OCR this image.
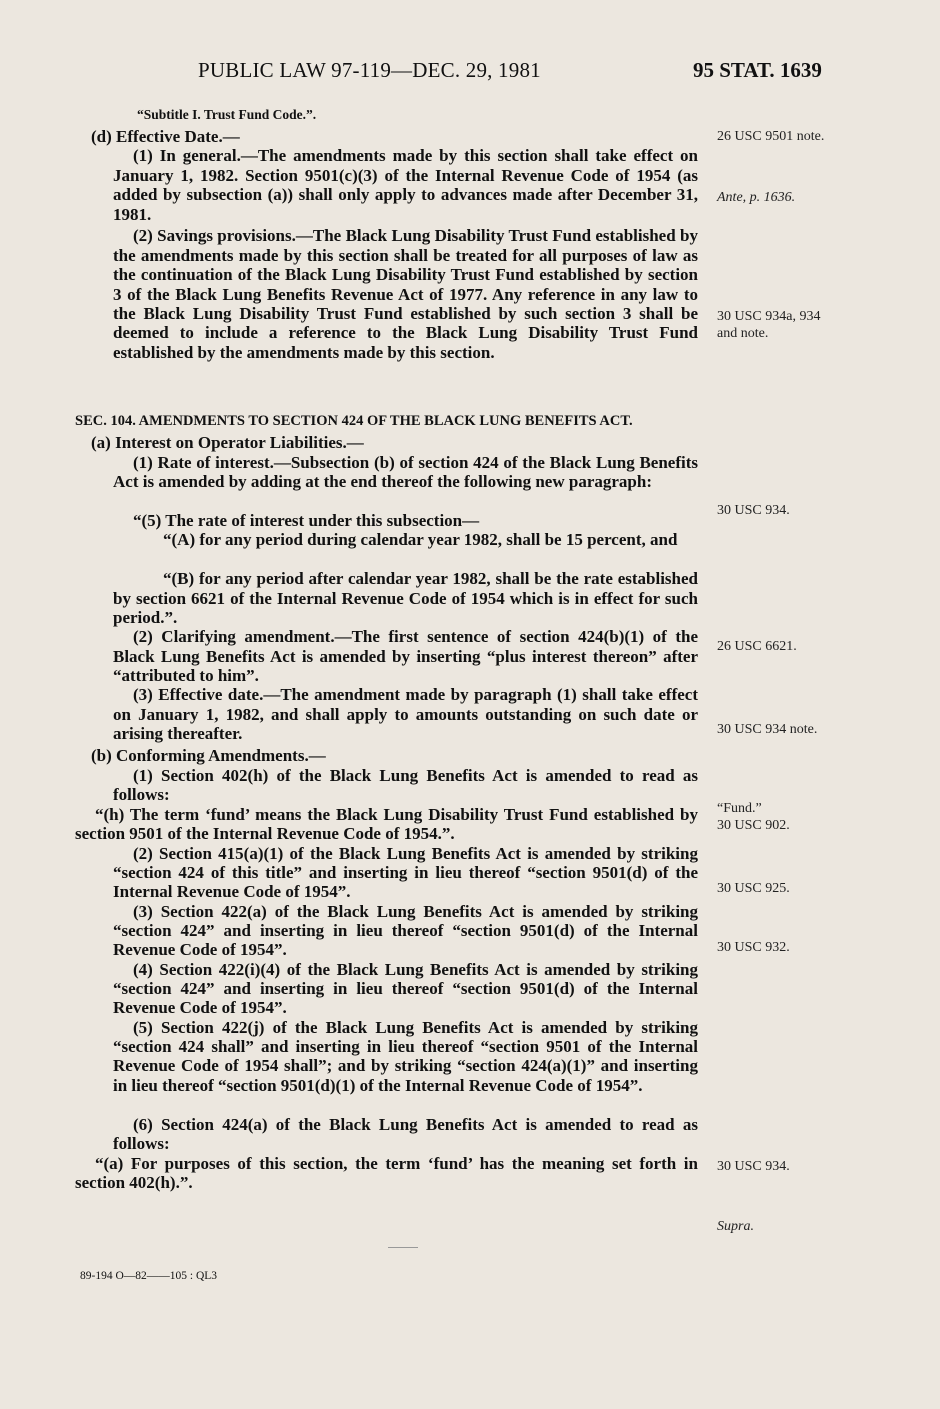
PUBLIC LAW 97-119—DEC. 29, 1981	95 STAT. 1639

“Subtitle I. Trust Fund Code.”.

(d) Effective Date.—

(1) In general.—The amendments made by this section shall take effect on January 1, 1982. Section 9501(c)(3) of the Internal Revenue Code of 1954 (as added by subsection (a)) shall only apply to advances made after December 31, 1981.

(2) Savings provisions.—The Black Lung Disability Trust Fund established by the amendments made by this section shall be treated for all purposes of law as the continuation of the Black Lung Disability Trust Fund established by section 3 of the Black Lung Benefits Revenue Act of 1977. Any reference in any law to the Black Lung Disability Trust Fund established by such section 3 shall be deemed to include a reference to the Black Lung Disability Trust Fund established by the amendments made by this section.

SEC. 104. AMENDMENTS TO SECTION 424 OF THE BLACK LUNG BENEFITS ACT.

(a) Interest on Operator Liabilities.—

(1) Rate of interest.—Subsection (b) of section 424 of the Black Lung Benefits Act is amended by adding at the end thereof the following new paragraph:

“(5) The rate of interest under this subsection—

“(A) for any period during calendar year 1982, shall be 15 percent, and

“(B) for any period after calendar year 1982, shall be the rate established by section 6621 of the Internal Revenue Code of 1954 which is in effect for such period.”.

(2) Clarifying amendment.—The first sentence of section 424(b)(1) of the Black Lung Benefits Act is amended by inserting “plus interest thereon” after “attributed to him”.

(3) Effective date.—The amendment made by paragraph (1) shall take effect on January 1, 1982, and shall apply to amounts outstanding on such date or arising thereafter.

(b) Conforming Amendments.—

(1) Section 402(h) of the Black Lung Benefits Act is amended to read as follows:

“(h) The term ‘fund’ means the Black Lung Disability Trust Fund established by section 9501 of the Internal Revenue Code of 1954.”.

(2) Section 415(a)(1) of the Black Lung Benefits Act is amended by striking “section 424 of this title” and inserting in lieu thereof “section 9501(d) of the Internal Revenue Code of 1954”.

(3) Section 422(a) of the Black Lung Benefits Act is amended by striking “section 424” and inserting in lieu thereof “section 9501(d) of the Internal Revenue Code of 1954”.

(4) Section 422(i)(4) of the Black Lung Benefits Act is amended by striking “section 424” and inserting in lieu thereof “section 9501(d) of the Internal Revenue Code of 1954”.

(5) Section 422(j) of the Black Lung Benefits Act is amended by striking “section 424 shall” and inserting in lieu thereof “section 9501 of the Internal Revenue Code of 1954 shall”; and by striking “section 424(a)(1)” and inserting in lieu thereof “section 9501(d)(1) of the Internal Revenue Code of 1954”.

(6) Section 424(a) of the Black Lung Benefits Act is amended to read as follows:

“(a) For purposes of this section, the term ‘fund’ has the meaning set forth in section 402(h).”.

26 USC 9501 note.
Ante, p. 1636.
30 USC 934a, 934 and note.
30 USC 934.
26 USC 6621.
30 USC 934 note.
“Fund.”
30 USC 902.
30 USC 925.
30 USC 932.
30 USC 934.
Supra.
89-194 O—82——105 : QL3
